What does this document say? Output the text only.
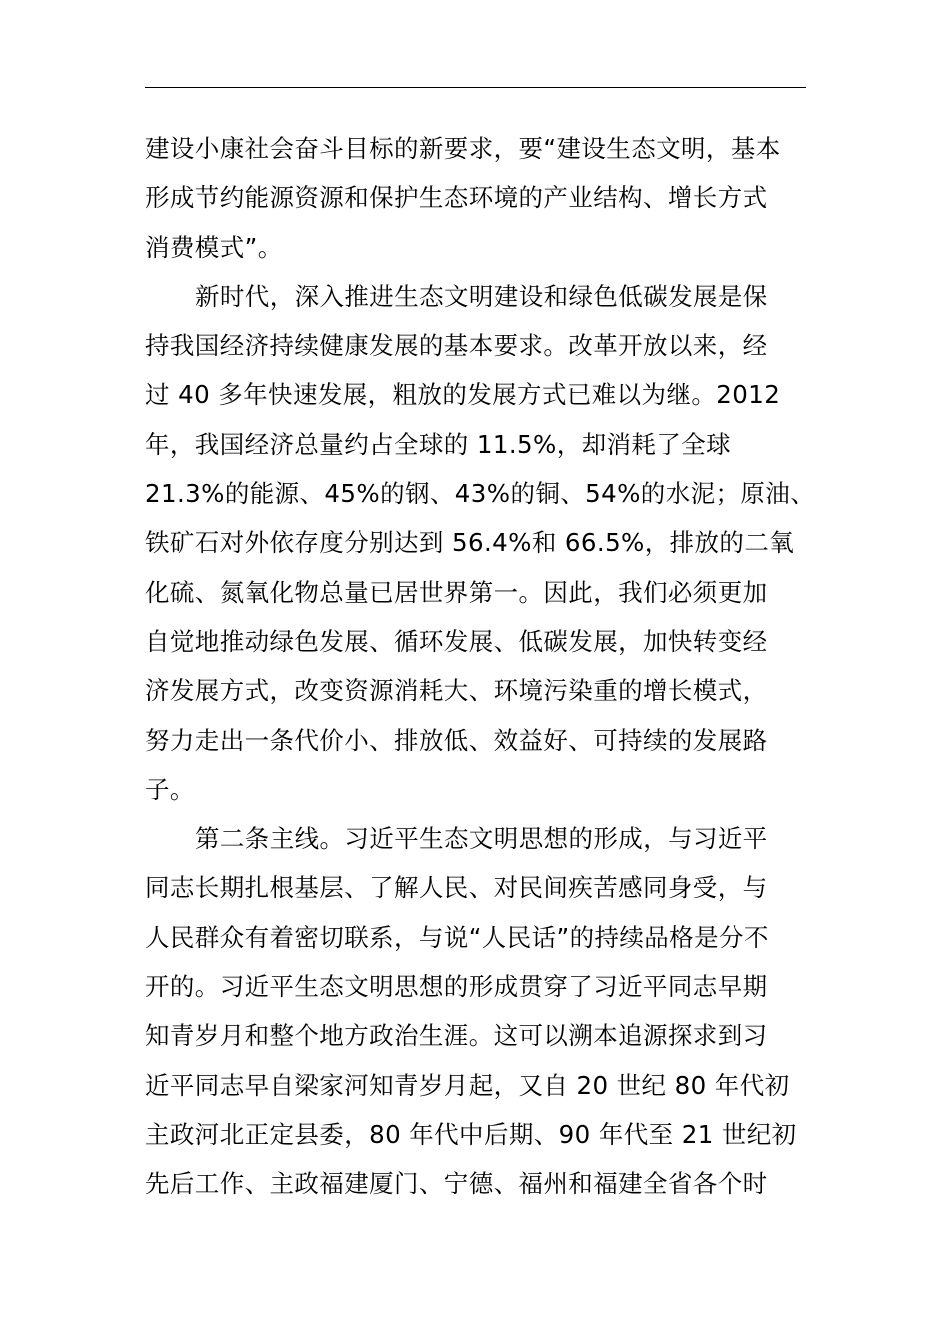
建设小康社会奋斗目标的新要求，要“建设生态文明，基本
形成节约能源资源和保护生态环境的产业结构、增长方式
消费模式”。
新时代，深入推进生态文明建设和绿色低碳发展是保
持我国经济持续健康发展的基本要求。改革开放以来，经
过 40 多年快速发展，粗放的发展方式已难以为继。2012
年，我国经济总量约占全球的 11.5%，却消耗了全球
21.3%的能源、45%的钢、43%的铜、54%的水泥；原油、
铁矿石对外依存度分别达到 56.4%和 66.5%，排放的二氧
化硫、氮氧化物总量已居世界第一。因此，我们必须更加
自觉地推动绿色发展、循环发展、低碳发展，加快转变经
济发展方式，改变资源消耗大、环境污染重的增长模式，
努力走出一条代价小、排放低、效益好、可持续的发展路
子。
第二条主线。习近平生态文明思想的形成，与习近平
同志长期扎根基层、了解人民、对民间疾苦感同身受，与
人民群众有着密切联系，与说“人民话”的持续品格是分不
开的。习近平生态文明思想的形成贯穿了习近平同志早期
知青岁月和整个地方政治生涯。这可以溯本追源探求到习
近平同志早自梁家河知青岁月起，又自 20 世纪 80 年代初
主政河北正定县委，80 年代中后期、90 年代至 21 世纪初
先后工作、主政福建厦门、宁德、福州和福建全省各个时
